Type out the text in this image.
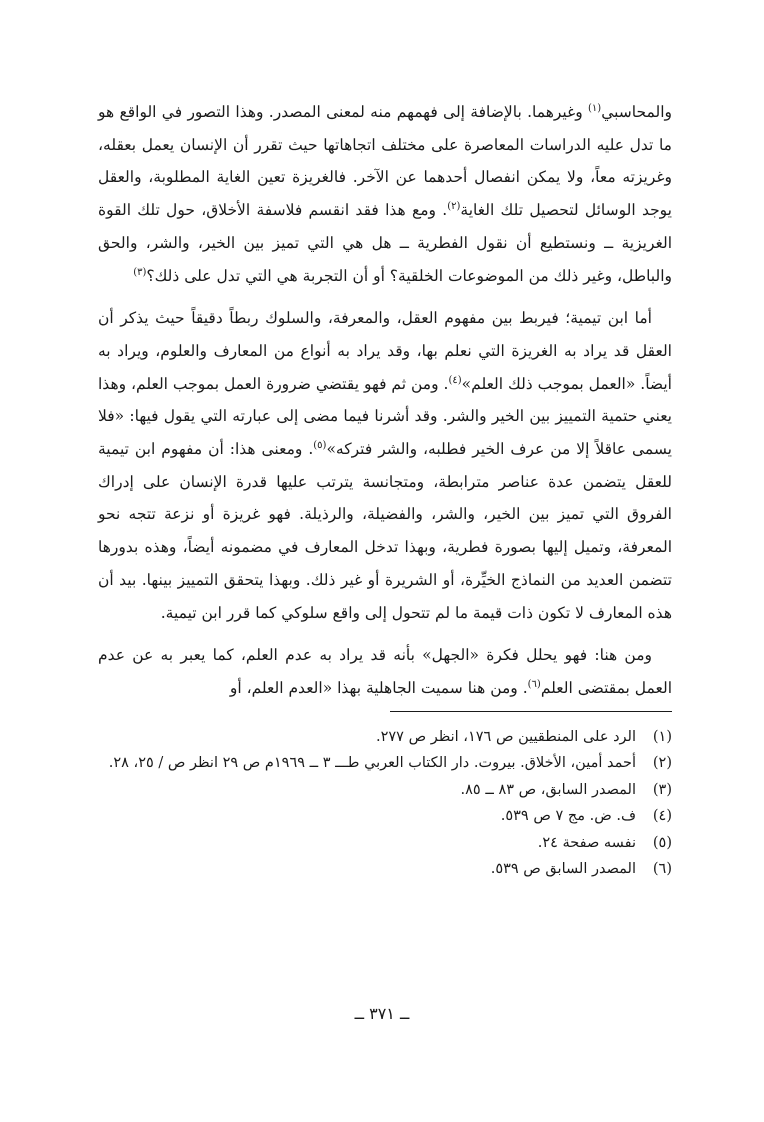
والمحاسبي$^{(١)}$ وغيرهما. بالإضافة إلى فهمهم منه لمعنى المصدر. وهذا التصور في الواقع هو ما تدل عليه الدراسات المعاصرة على مختلف اتجاهاتها حيث تقرر أن الإنسان يعمل بعقله، وغريزته معاً، ولا يمكن انفصال أحدهما عن الآخر. فالغريزة تعين الغاية المطلوبة، والعقل يوجد الوسائل لتحصيل تلك الغاية$^{(٢)}$. ومع هذا فقد انقسم فلاسفة الأخلاق، حول تلك القوة الغريزية ــ ونستطيع أن نقول الفطرية ــ هل هي التي تميز بين الخير، والشر، والحق والباطل، وغير ذلك من الموضوعات الخلقية؟ أو أن التجربة هي التي تدل على ذلك؟$^{(٣)}$

أما ابن تيمية؛ فيربط بين مفهوم العقل، والمعرفة، والسلوك ربطاً دقيقاً حيث يذكر أن العقل قد يراد به الغريزة التي نعلم بها، وقد يراد به أنواع من المعارف والعلوم، ويراد به أيضاً. «العمل بموجب ذلك العلم»$^{(٤)}$. ومن ثم فهو يقتضي ضرورة العمل بموجب العلم، وهذا يعني حتمية التمييز بين الخير والشر. وقد أشرنا فيما مضى إلى عبارته التي يقول فيها: «فلا يسمى عاقلاً إلا من عرف الخير فطلبه، والشر فتركه»$^{(٥)}$. ومعنى هذا: أن مفهوم ابن تيمية للعقل يتضمن عدة عناصر مترابطة، ومتجانسة يترتب عليها قدرة الإنسان على إدراك الفروق التي تميز بين الخير، والشر، والفضيلة، والرذيلة. فهو غريزة أو نزعة تتجه نحو المعرفة، وتميل إليها بصورة فطرية، وبهذا تدخل المعارف في مضمونه أيضاً، وهذه بدورها تتضمن العديد من النماذج الخيِّرة، أو الشريرة أو غير ذلك. وبهذا يتحقق التمييز بينها. بيد أن هذه المعارف لا تكون ذات قيمة ما لم تتحول إلى واقع سلوكي كما قرر ابن تيمية.

ومن هنا: فهو يحلل فكرة «الجهل» بأنه قد يراد به عدم العلم، كما يعبر به عن عدم العمل بمقتضى العلم$^{(٦)}$. ومن هنا سميت الجاهلية بهذا «العدم العلم، أو

(١)
الرد على المنطقيين ص ١٧٦، انظر ص ٢٧٧.
(٢)
أحمد أمين، الأخلاق. بيروت. دار الكتاب العربي طـــ ٣ ــ ١٩٦٩م ص ٢٩ انظر ص / ٢٥، ٢٨.
(٣)
المصدر السابق، ص ٨٣ ــ ٨٥.
(٤)
ف. ض. مج ٧ ص ٥٣٩.
(٥)
نفسه صفحة ٢٤.
(٦)
المصدر السابق ص ٥٣٩.
ــ ٣٧١ ــ
